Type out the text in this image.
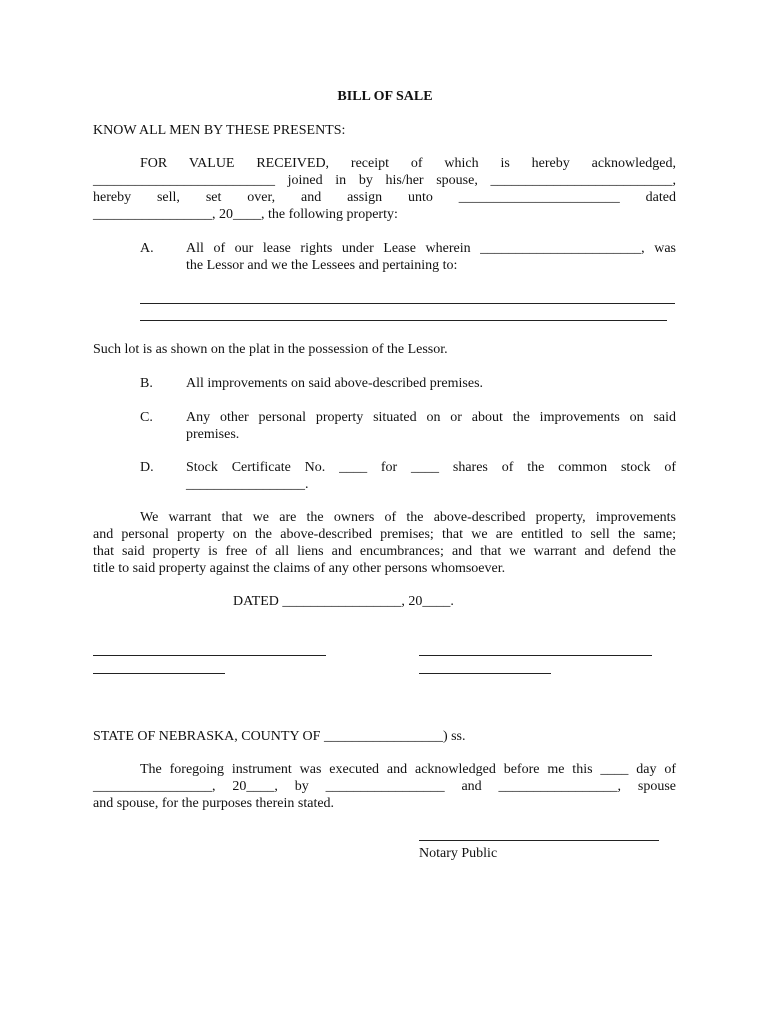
BILL OF SALE
KNOW ALL MEN BY THESE PRESENTS:
FOR VALUE RECEIVED, receipt of which is hereby acknowledged,
__________________________ joined in by his/her spouse, __________________________,
hereby sell, set over, and assign unto _______________________ dated
_________________, 20____, the following property:
A. All of our lease rights under Lease wherein _______________________, was
the Lessor and we the Lessees and pertaining to:
Such lot is as shown on the plat in the possession of the Lessor.
B. All improvements on said above-described premises.
C. Any other personal property situated on or about the improvements on said
premises.
D. Stock Certificate No. ____ for ____ shares of the common stock of
_________________.
We warrant that we are the owners of the above-described property, improvements
and personal property on the above-described premises; that we are entitled to sell the same;
that said property is free of all liens and encumbrances; and that we warrant and defend the
title to said property against the claims of any other persons whomsoever.
DATED _________________, 20____.
STATE OF NEBRASKA, COUNTY OF _________________) ss.
The foregoing instrument was executed and acknowledged before me this ____ day of
_________________, 20____, by _________________ and _________________, spouse
and spouse, for the purposes therein stated.
Notary Public
